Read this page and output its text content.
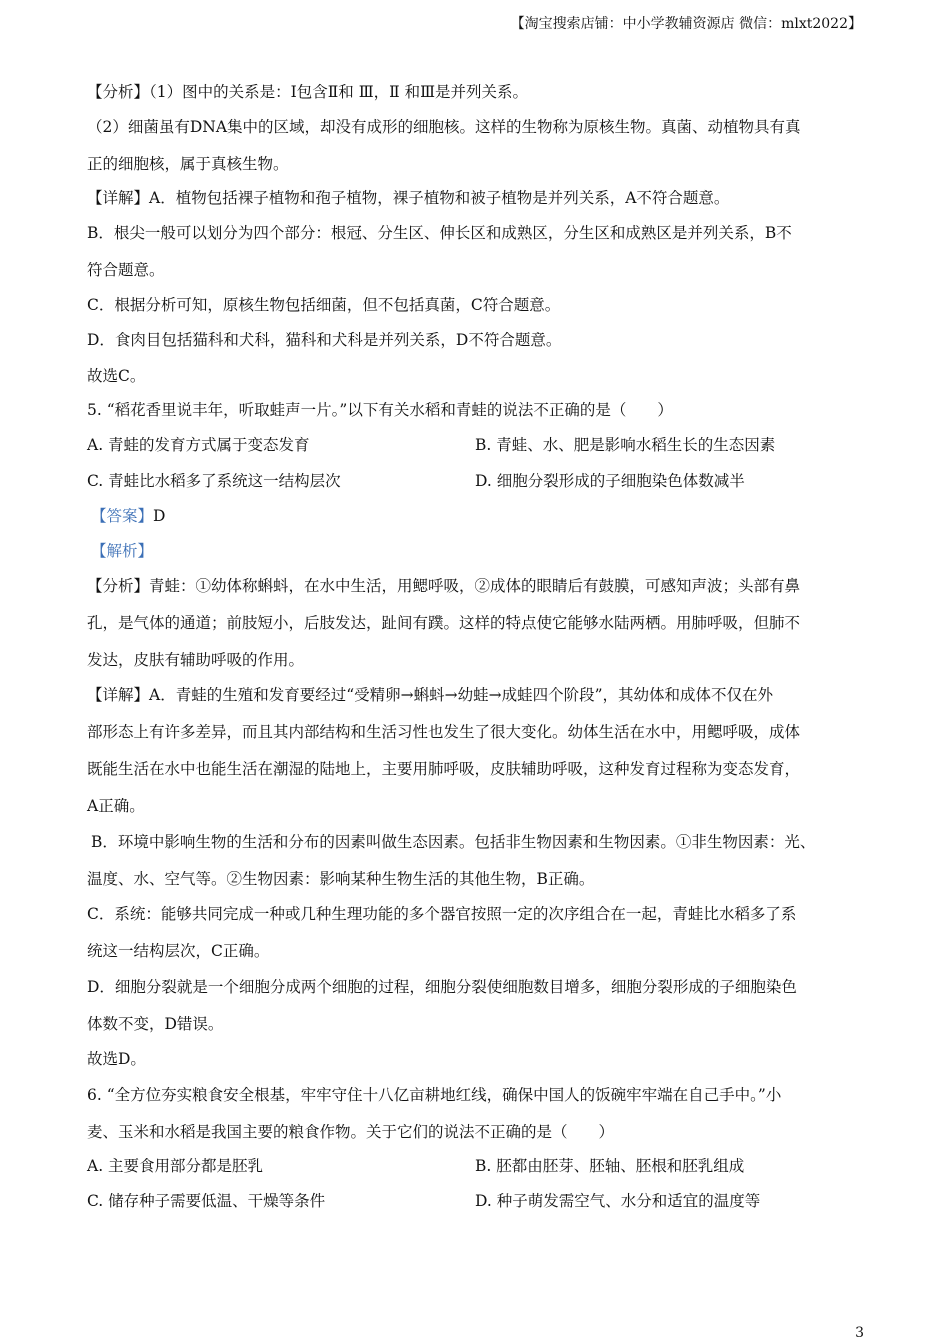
【淘宝搜索店铺：中小学教辅资源店 微信：mlxt2022】
【分析】（1）图中的关系是：Ⅰ包含Ⅱ和 Ⅲ，Ⅱ 和Ⅲ是并列关系。
（2）细菌虽有DNA集中的区域，却没有成形的细胞核。这样的生物称为原核生物。真菌、动植物具有真
正的细胞核，属于真核生物。
【详解】A．植物包括裸子植物和孢子植物，裸子植物和被子植物是并列关系，A不符合题意。
B．根尖一般可以划分为四个部分：根冠、分生区、伸长区和成熟区，分生区和成熟区是并列关系，B不
符合题意。
C．根据分析可知，原核生物包括细菌，但不包括真菌，C符合题意。
D．食肉目包括猫科和犬科，猫科和犬科是并列关系，D不符合题意。
故选C。
5. “稻花香里说丰年，听取蛙声一片。”以下有关水稻和青蛙的说法不正确的是（　　）
A. 青蛙的发育方式属于变态发育	B. 青蛙、水、肥是影响水稻生长的生态因素
C. 青蛙比水稻多了系统这一结构层次	D. 细胞分裂形成的子细胞染色体数减半
【答案】D
【解析】
【分析】青蛙：①幼体称蝌蚪，在水中生活，用鳃呼吸，②成体的眼睛后有鼓膜，可感知声波；头部有鼻
孔，是气体的通道；前肢短小，后肢发达，趾间有蹼。这样的特点使它能够水陆两栖。用肺呼吸，但肺不
发达，皮肤有辅助呼吸的作用。
【详解】A．青蛙的生殖和发育要经过“受精卵→蝌蚪→幼蛙→成蛙四个阶段”，其幼体和成体不仅在外
部形态上有许多差异，而且其内部结构和生活习性也发生了很大变化。幼体生活在水中，用鳃呼吸，成体
既能生活在水中也能生活在潮湿的陆地上，主要用肺呼吸，皮肤辅助呼吸，这种发育过程称为变态发育，
A正确。
B．环境中影响生物的生活和分布的因素叫做生态因素。包括非生物因素和生物因素。①非生物因素：光、
温度、水、空气等。②生物因素：影响某种生物生活的其他生物，B正确。
C．系统：能够共同完成一种或几种生理功能的多个器官按照一定的次序组合在一起，青蛙比水稻多了系
统这一结构层次，C正确。
D．细胞分裂就是一个细胞分成两个细胞的过程，细胞分裂使细胞数目增多，细胞分裂形成的子细胞染色
体数不变，D错误。
故选D。
6. “全方位夯实粮食安全根基，牢牢守住十八亿亩耕地红线，确保中国人的饭碗牢牢端在自己手中。”小
麦、玉米和水稻是我国主要的粮食作物。关于它们的说法不正确的是（　　）
A. 主要食用部分都是胚乳	B. 胚都由胚芽、胚轴、胚根和胚乳组成
C. 储存种子需要低温、干燥等条件	D. 种子萌发需空气、水分和适宜的温度等
3
